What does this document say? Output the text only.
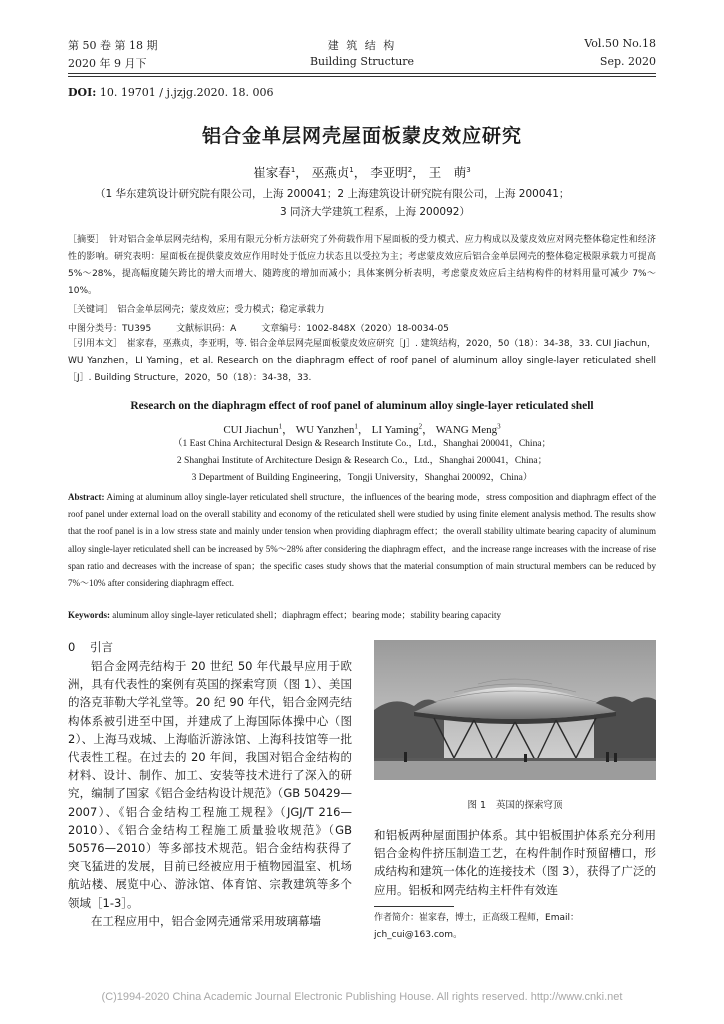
第 50 卷 第 18 期
2020 年 9 月下
建 筑 结 构
Building Structure
Vol.50 No.18
Sep. 2020
DOI: 10. 19701 / j.jzjg.2020. 18. 006
铝合金单层网壳屋面板蒙皮效应研究
崔家春$^1$， 巫燕贞$^1$， 李亚明$^2$， 王　萌$^3$
（1 华东建筑设计研究院有限公司，上海 200041；2 上海建筑设计研究院有限公司，上海 200041；
3 同济大学建筑工程系，上海 200092）
［摘要］　针对铝合金单层网壳结构，采用有限元分析方法研究了外荷载作用下屋面板的受力模式、应力构成以及蒙皮效应对网壳整体稳定性和经济性的影响。研究表明：屋面板在提供蒙皮效应作用时处于低应力状态且以受拉为主；考虑蒙皮效应后铝合金单层网壳的整体稳定极限承载力可提高 5%～28%，提高幅度随矢跨比的增大而增大、随跨度的增加而减小；具体案例分析表明，考虑蒙皮效应后主结构构件的材料用量可减少 7%～10%。
［关键词］　铝合金单层网壳；蒙皮效应；受力模式；稳定承载力
中图分类号：TU395	文献标识码：A	文章编号：1002-848X（2020）18-0034-05
［引用本文］　崔家春，巫燕贞，李亚明，等. 铝合金单层网壳屋面板蒙皮效应研究［J］. 建筑结构，2020，50（18）：34-38，33. CUI Jiachun，WU Yanzhen，LI Yaming，et al. Research on the diaphragm effect of roof panel of aluminum alloy single-layer reticulated shell［J］. Building Structure，2020，50（18）：34-38，33.
Research on the diaphragm effect of roof panel of aluminum alloy single-layer reticulated shell
CUI Jiachun$^1$， WU Yanzhen$^1$， LI Yaming$^2$， WANG Meng$^3$
（1 East China Architectural Design & Research Institute Co.，Ltd.，Shanghai 200041，China；
2 Shanghai Institute of Architecture Design & Research Co.，Ltd.，Shanghai 200041，China；
3 Department of Building Engineering，Tongji University，Shanghai 200092，China）
Abstract: Aiming at aluminum alloy single-layer reticulated shell structure，the influences of the bearing mode，stress composition and diaphragm effect of the roof panel under external load on the overall stability and economy of the reticulated shell were studied by using finite element analysis method. The results show that the roof panel is in a low stress state and mainly under tension when providing diaphragm effect；the overall stability ultimate bearing capacity of aluminum alloy single-layer reticulated shell can be increased by 5%～28% after considering the diaphragm effect，and the increase range increases with the increase of rise span ratio and decreases with the increase of span；the specific cases study shows that the material consumption of main structural members can be reduced by 7%～10% after considering diaphragm effect.
Keywords: aluminum alloy single-layer reticulated shell；diaphragm effect；bearing mode；stability bearing capacity
0 引言

铝合金网壳结构于 20 世纪 50 年代最早应用于欧洲，具有代表性的案例有英国的探索穹顶（图 1）、美国的洛克菲勒大学礼堂等。20 纪 90 年代，铝合金网壳结构体系被引进至中国，并建成了上海国际体操中心（图 2）、上海马戏城、上海临沂游泳馆、上海科技馆等一批代表性工程。在过去的 20 年间，我国对铝合金结构的材料、设计、制作、加工、安装等技术进行了深入的研究，编制了国家《铝合金结构设计规范》（GB 50429—2007）、《铝合金结构工程施工规程》（JGJ/T 216—2010）、《铝合金结构工程施工质量验收规范》（GB 50576—2010）等多部技术规范。铝合金结构获得了突飞猛进的发展，目前已经被应用于植物园温室、机场航站楼、展览中心、游泳馆、体育馆、宗教建筑等多个领域［1-3］。

在工程应用中，铝合金网壳通常采用玻璃幕墙

图 1 英国的探索穹顶

和铝板两种屋面围护体系。其中铝板围护体系充分利用铝合金构件挤压制造工艺，在构件制作时预留槽口，形成结构和建筑一体化的连接技术（图 3），获得了广泛的应用。铝板和网壳结构主杆件有效连

作者简介：崔家春，博士，正高级工程师，Email：jch_cui@163.com。
(C)1994-2020 China Academic Journal Electronic Publishing House. All rights reserved. http://www.cnki.net
